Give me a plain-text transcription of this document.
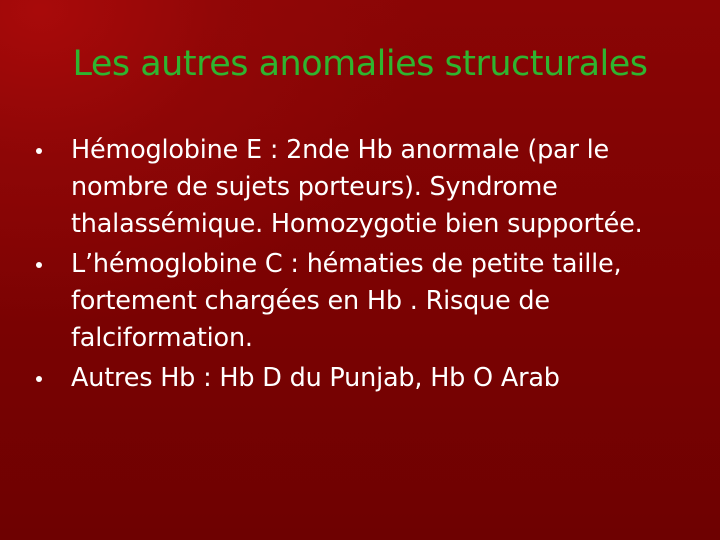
Les autres anomalies structurales
Hémoglobine E : 2nde Hb anormale (par le nombre de sujets porteurs). Syndrome thalassémique. Homozygotie bien supportée.
L’hémoglobine C : hématies de petite taille, fortement chargées en Hb . Risque de falciformation.
Autres Hb : Hb D du Punjab, Hb O Arab
